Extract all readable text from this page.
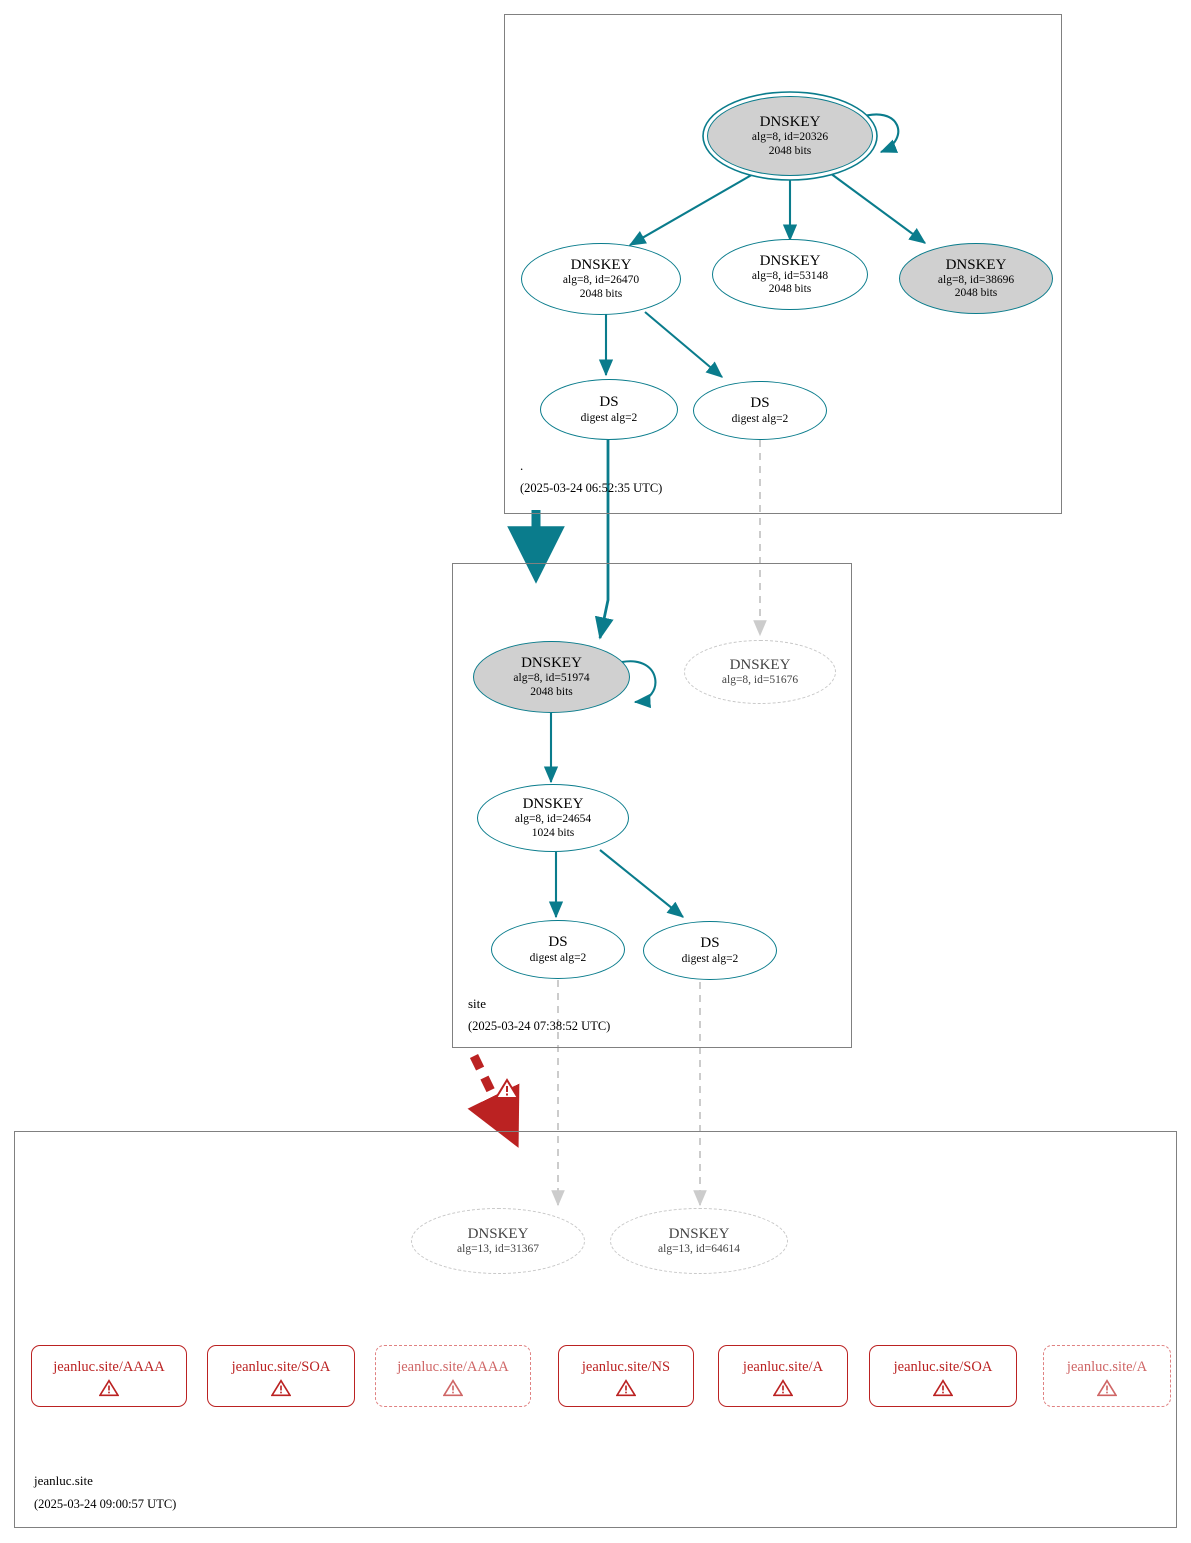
.
(2025-03-24 06:52:35 UTC)
DNSKEY
alg=8, id=20326
2048 bits
DNSKEY
alg=8, id=26470
2048 bits
DNSKEY
alg=8, id=53148
2048 bits
DNSKEY
alg=8, id=38696
2048 bits
DS
digest alg=2
DS
digest alg=2
site
(2025-03-24 07:38:52 UTC)
DNSKEY
alg=8, id=51974
2048 bits
DNSKEY
alg=8, id=51676
DNSKEY
alg=8, id=24654
1024 bits
DS
digest alg=2
DS
digest alg=2
jeanluc.site
(2025-03-24 09:00:57 UTC)
DNSKEY
alg=13, id=31367
DNSKEY
alg=13, id=64614
jeanluc.site/AAAA	jeanluc.site/SOA	jeanluc.site/AAAA	jeanluc.site/NS	jeanluc.site/A	jeanluc.site/SOA	jeanluc.site/A
